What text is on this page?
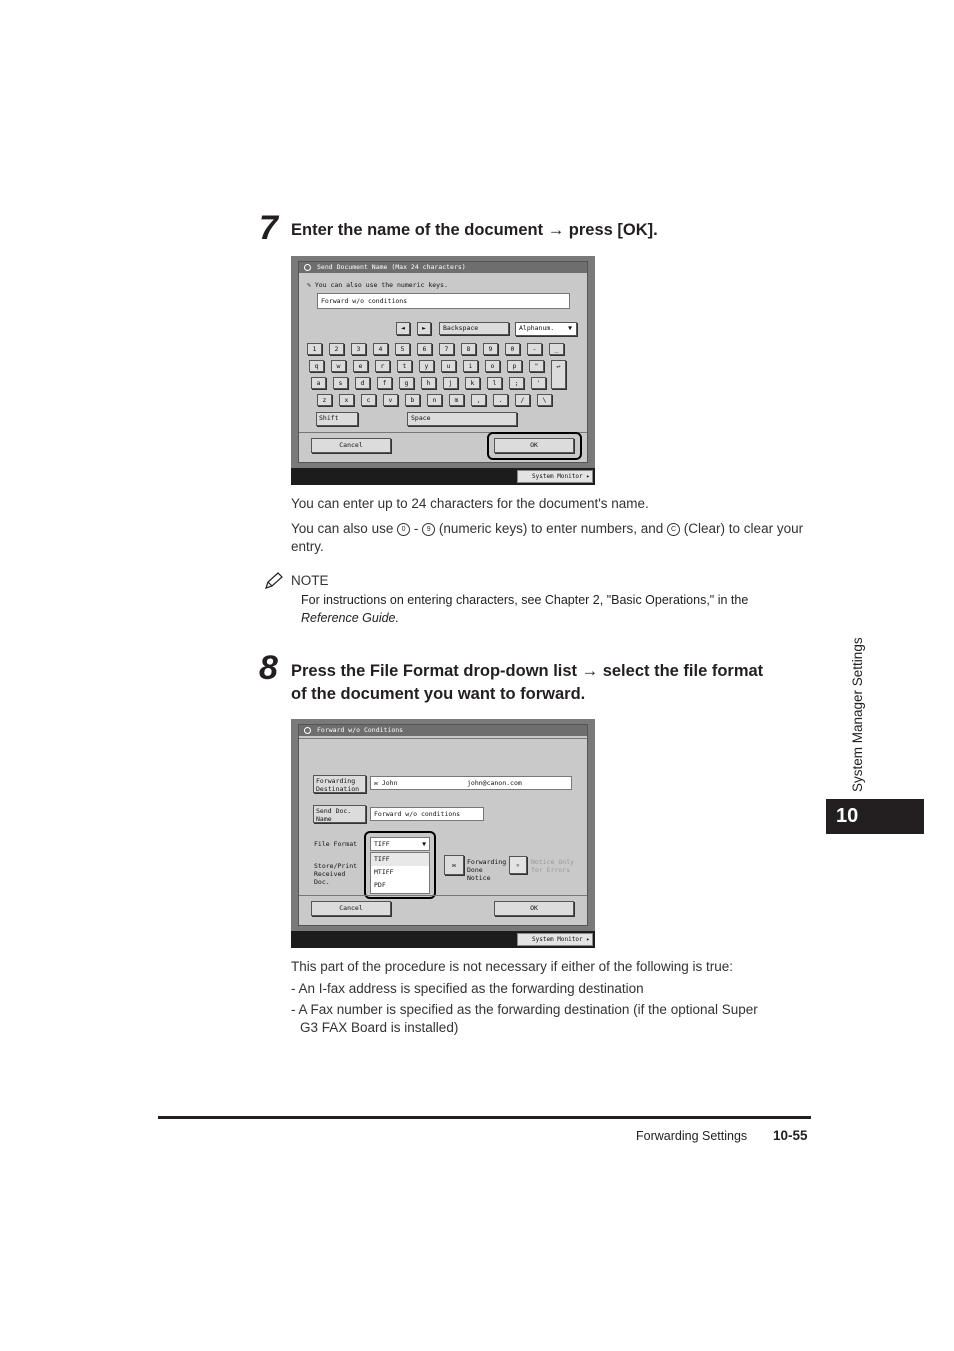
7 Enter the name of the document → press [OK].
Send Document Name (Max 24 characters)
✎ You can also use the numeric keys.
Forward w/o conditions
◄	►	Backspace	Alphanum. ▼
1	2	3	4	5	6	7	8	9	0	-	_
q	w	e	r	t	y	u	i	o	p	"	↵
a	s	d	f	g	h	j	k	l	;	'
z	x	c	v	b	n	m	,	.	/	\
Shift	Space
Cancel	OK
System Monitor ▸
You can enter up to 24 characters for the document's name.
You can also use 0 - 9 (numeric keys) to enter numbers, and C (Clear) to clear your entry.
NOTE
For instructions on entering characters, see Chapter 2, "Basic Operations," in the
Reference Guide.
8 Press the File Format drop-down list → select the file format
of the document you want to forward.
Forward w/o Conditions
Forwarding Destination
✉ John	john@canon.com
Send Doc. Name
Forward w/o conditions
File Format
Store/Print Received Doc.
TIFF	▼
TIFF
MTIFF
PDF
✉	Forwarding Done Notice
▪	Notice Only for Errors
Cancel	OK
System Monitor ▸
This part of the procedure is not necessary if either of the following is true:
- An I-fax address is specified as the forwarding destination
- A Fax number is specified as the forwarding destination (if the optional Super
G3 FAX Board is installed)
System Manager Settings
10
Forwarding Settings 10-55
